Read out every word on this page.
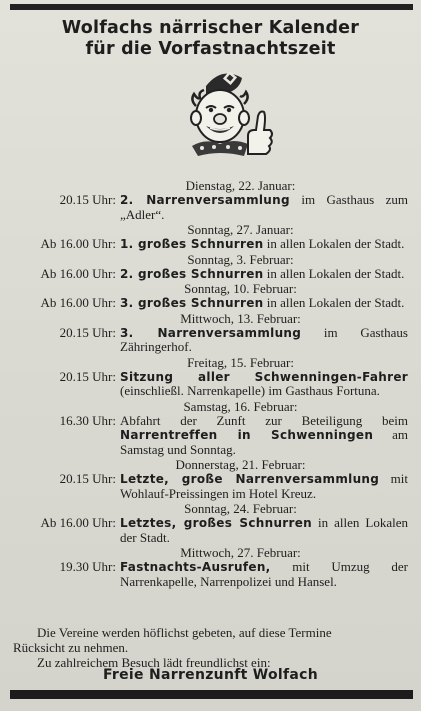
Wolfachs närrischer Kalender
für die Vorfastnachtszeit
Dienstag, 22. Januar:
20.15 Uhr: 2. Narrenversammlung im Gasthaus zum „Adler“.
Sonntag, 27. Januar:
Ab 16.00 Uhr: 1. großes Schnurren in allen Lokalen der Stadt.
Sonntag, 3. Februar:
Ab 16.00 Uhr: 2. großes Schnurren in allen Lokalen der Stadt.
Sonntag, 10. Februar:
Ab 16.00 Uhr: 3. großes Schnurren in allen Lokalen der Stadt.
Mittwoch, 13. Februar:
20.15 Uhr: 3. Narrenversammlung im Gasthaus Zähringerhof.
Freitag, 15. Februar:
20.15 Uhr: Sitzung aller Schwenningen-Fahrer (einschließl. Narrenkapelle) im Gasthaus Fortuna.
Samstag, 16. Februar:
16.30 Uhr: Abfahrt der Zunft zur Beteiligung beim Narrentreffen in Schwenningen am Samstag und Sonntag.
Donnerstag, 21. Februar:
20.15 Uhr: Letzte, große Narrenversammlung mit Wohlauf-Preissingen im Hotel Kreuz.
Sonntag, 24. Februar:
Ab 16.00 Uhr: Letztes, großes Schnurren in allen Lokalen der Stadt.
Mittwoch, 27. Februar:
19.30 Uhr: Fastnachts-Ausrufen, mit Umzug der Narrenkapelle, Narrenpolizei und Hansel.
Die Vereine werden höflichst gebeten, auf diese Termine
Rücksicht zu nehmen.
Zu zahlreichem Besuch lädt freundlichst ein:
Freie Narrenzunft Wolfach
